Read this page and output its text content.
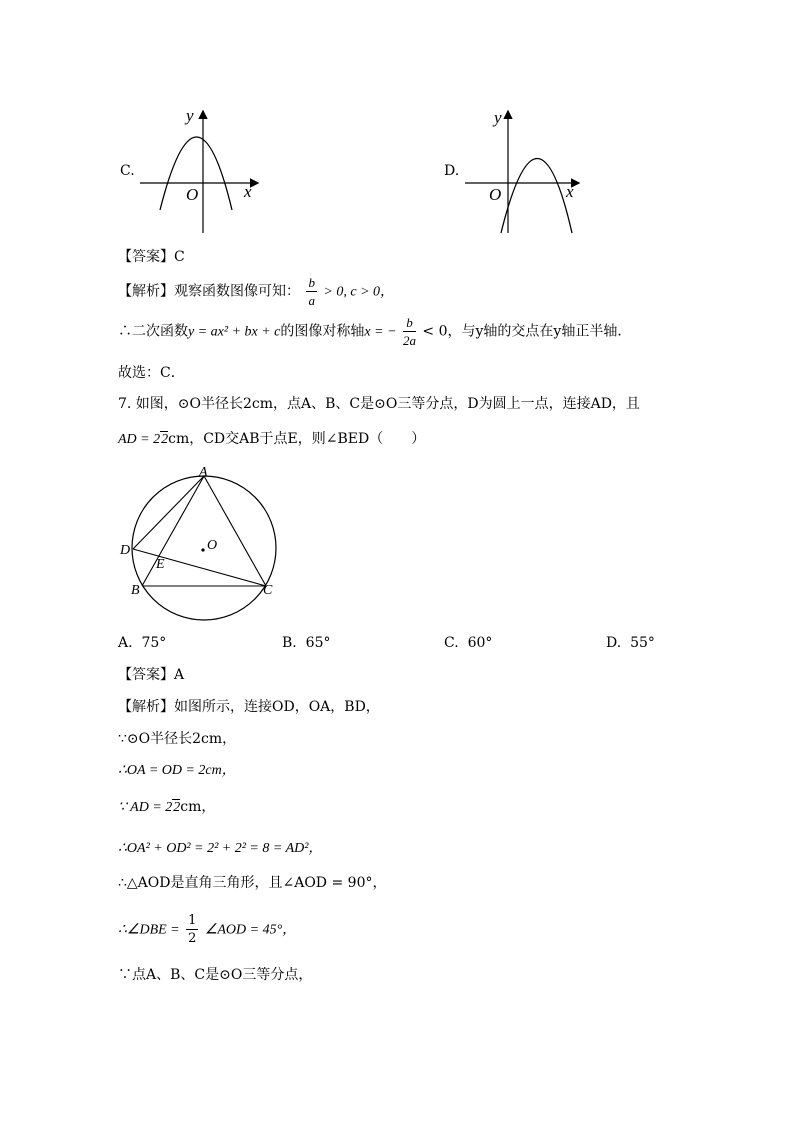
C.
y
x
O
D.
y
x
O
【答案】C
【解析】观察函数图像可知： $\frac{b}{a} > 0$, c > 0，
∴二次函数y = ax² + bx + c的图像对称轴x = − $\frac{b}{2a} < 0$，与y轴的交点在y轴正半轴．
故选：C．
7. 如图，⊙O半径长2cm，点A、B、C是⊙O三等分点，D为圆上一点，连接AD，且
AD = 22cm，CD交AB于点E，则∠BED（　　）
A
D	O
E
B	C
A. 75°	B. 65°	C. 60°	D. 55°
【答案】A
【解析】如图所示，连接OD，OA，BD，
∵⊙O半径长2cm，
∴OA = OD = 2cm，
∵ AD = 22cm，
∴OA² + OD² = 2² + 2² = 8 = AD²，
∴△AOD是直角三角形，且∠AOD = 90°，
∴∠DBE = $\frac{1}{2}$ ∠AOD = 45°，
∵点A、B、C是⊙O三等分点，
